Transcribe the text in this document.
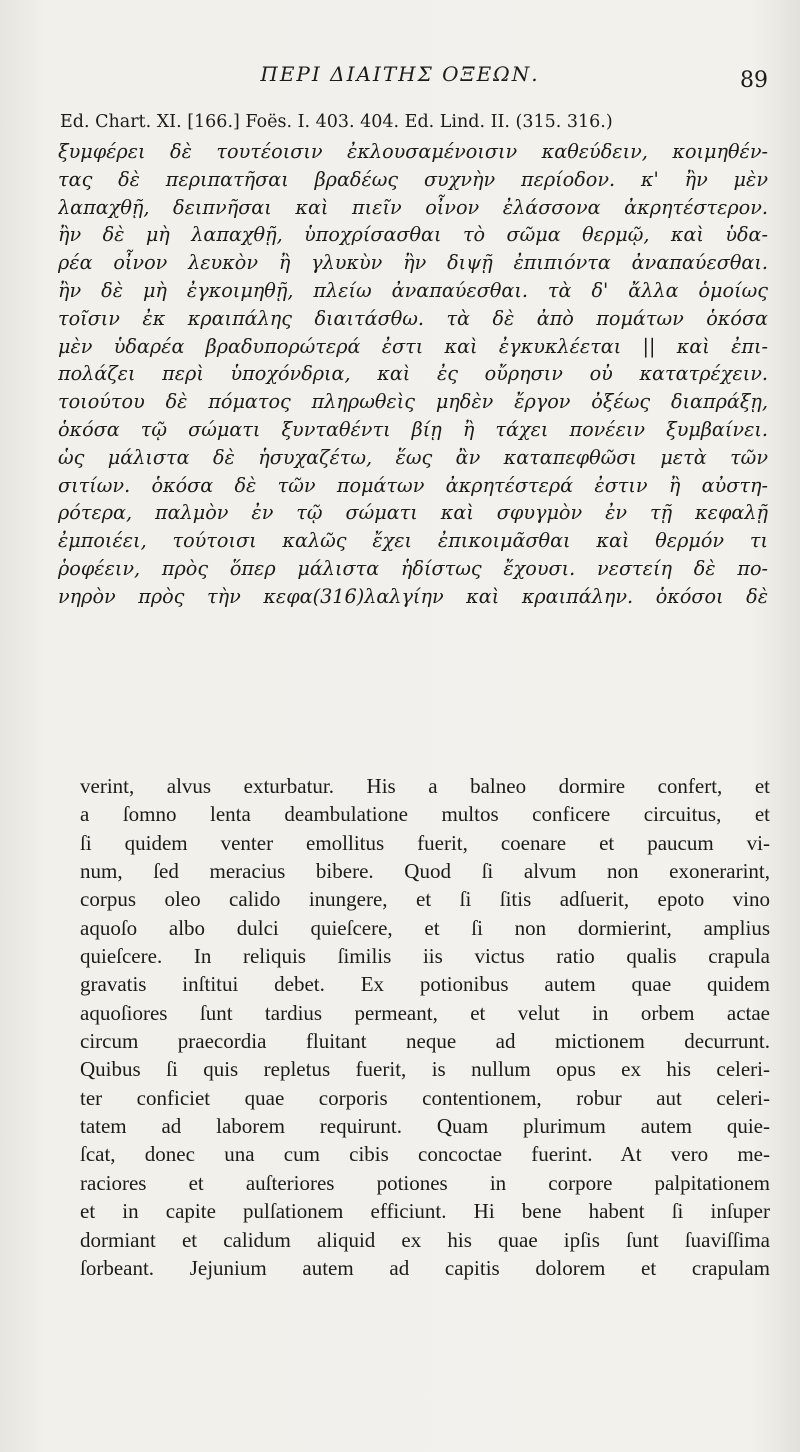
ΠΕΡΙ ΔΙΑΙΤΗΣ ΟΞΕΩΝ.	89
Ed. Chart. XI. [166.] Foës. I. 403. 404. Ed. Lind. II. (315. 316.)
ξυμφέρει δὲ τουτέοισιν ἐκλουσαμένοισιν καθεύδειν, κοιμηθέν-
τας δὲ περιπατῆσαι βραδέως συχνὴν περίοδον. κ' ἢν μὲν
λαπαχθῇ, δειπνῆσαι καὶ πιεῖν οἶνον ἐλάσσονα ἀκρητέστερον.
ἢν δὲ μὴ λαπαχθῇ, ὑποχρίσασθαι τὸ σῶμα θερμῷ, καὶ ὑδα-
ρέα οἶνον λευκὸν ἢ γλυκὺν ἢν διψῇ ἐπιπιόντα ἀναπαύεσθαι.
ἢν δὲ μὴ ἐγκοιμηθῇ, πλείω ἀναπαύεσθαι. τὰ δ' ἄλλα ὁμοίως
τοῖσιν ἐκ κραιπάλης διαιτάσθω. τὰ δὲ ἀπὸ πομάτων ὁκόσα
μὲν ὑδαρέα βραδυπορώτερά ἐστι καὶ ἐγκυκλέεται || καὶ ἐπι-
πολάζει περὶ ὑποχόνδρια, καὶ ἐς οὔρησιν οὐ κατατρέχειν.
τοιούτου δὲ πόματος πληρωθεὶς μηδὲν ἔργον ὀξέως διαπράξῃ,
ὁκόσα τῷ σώματι ξυνταθέντι βίῃ ἢ τάχει πονέειν ξυμβαίνει.
ὡς μάλιστα δὲ ἡσυχαζέτω, ἕως ἂν καταπεφθῶσι μετὰ τῶν
σιτίων. ὁκόσα δὲ τῶν πομάτων ἀκρητέστερά ἐστιν ἢ αὐστη-
ρότερα, παλμὸν ἐν τῷ σώματι καὶ σφυγμὸν ἐν τῇ κεφαλῇ
ἐμποιέει, τούτοισι καλῶς ἔχει ἐπικοιμᾶσθαι καὶ θερμόν τι
ῥοφέειν, πρὸς ὅπερ μάλιστα ἡδίστως ἔχουσι. νεστείη δὲ πο-
νηρὸν πρὸς τὴν κεφα(316)λαλγίην καὶ κραιπάλην. ὁκόσοι δὲ
verint, alvus exturbatur. His a balneo dormire confert, et
a ſomno lenta deambulatione multos conficere circuitus, et
ſi quidem venter emollitus fuerit, coenare et paucum vi-
num, ſed meracius bibere. Quod ſi alvum non exonerarint,
corpus oleo calido inungere, et ſi ſitis adſuerit, epoto vino
aquoſo albo dulci quieſcere, et ſi non dormierint, amplius
quieſcere. In reliquis ſimilis iis victus ratio qualis crapula
gravatis inſtitui debet. Ex potionibus autem quae quidem
aquoſiores ſunt tardius permeant, et velut in orbem actae
circum praecordia fluitant neque ad mictionem decurrunt.
Quibus ſi quis repletus fuerit, is nullum opus ex his celeri-
ter conficiet quae corporis contentionem, robur aut celeri-
tatem ad laborem requirunt. Quam plurimum autem quie-
ſcat, donec una cum cibis concoctae fuerint. At vero me-
raciores et auſteriores potiones in corpore palpitationem
et in capite pulſationem efficiunt. Hi bene habent ſi inſuper
dormiant et calidum aliquid ex his quae ipſis ſunt ſuaviſſima
ſorbeant. Jejunium autem ad capitis dolorem et crapulam
